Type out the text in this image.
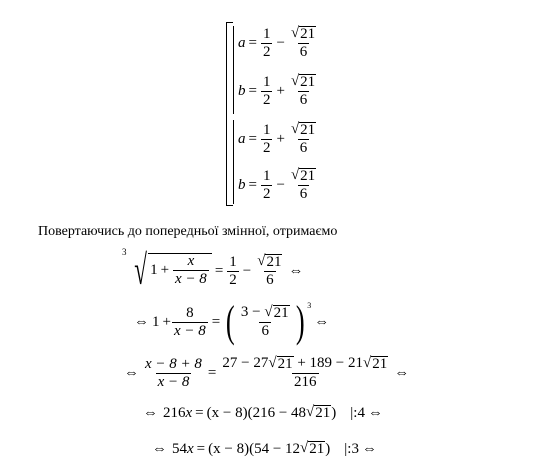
$a = \frac{1}{2} - \frac{√ 21}{6}$
$b = \frac{1}{2} + \frac{√ 21}{6}$
$a = \frac{1}{2} + \frac{√ 21}{6}$
$b = \frac{1}{2} - \frac{√ 21}{6}$
Повертаючись до попередньої змінної, отримаємо
3 √ $1 + \frac{x}{x - 8} = \frac{1}{2} - \frac{√ 21}{6}$ ⇔
⇔ $1 + \frac{8}{x - 8}$ = ( $\frac{3 - √ 21}{6}$ ) 3
⇔
⇔ $\frac{x - 8 + 8}{x - 8} = \frac{27 - 27 √ 21 + 189 - 21 √ 21}{216}$ ⇔
⇔ 216 x = (x − 8)(216 − 48 √ 21 ) |:4 ⇔
⇔ 54 x = (x − 8)(54 − 12 √ 21 ) |:3 ⇔
